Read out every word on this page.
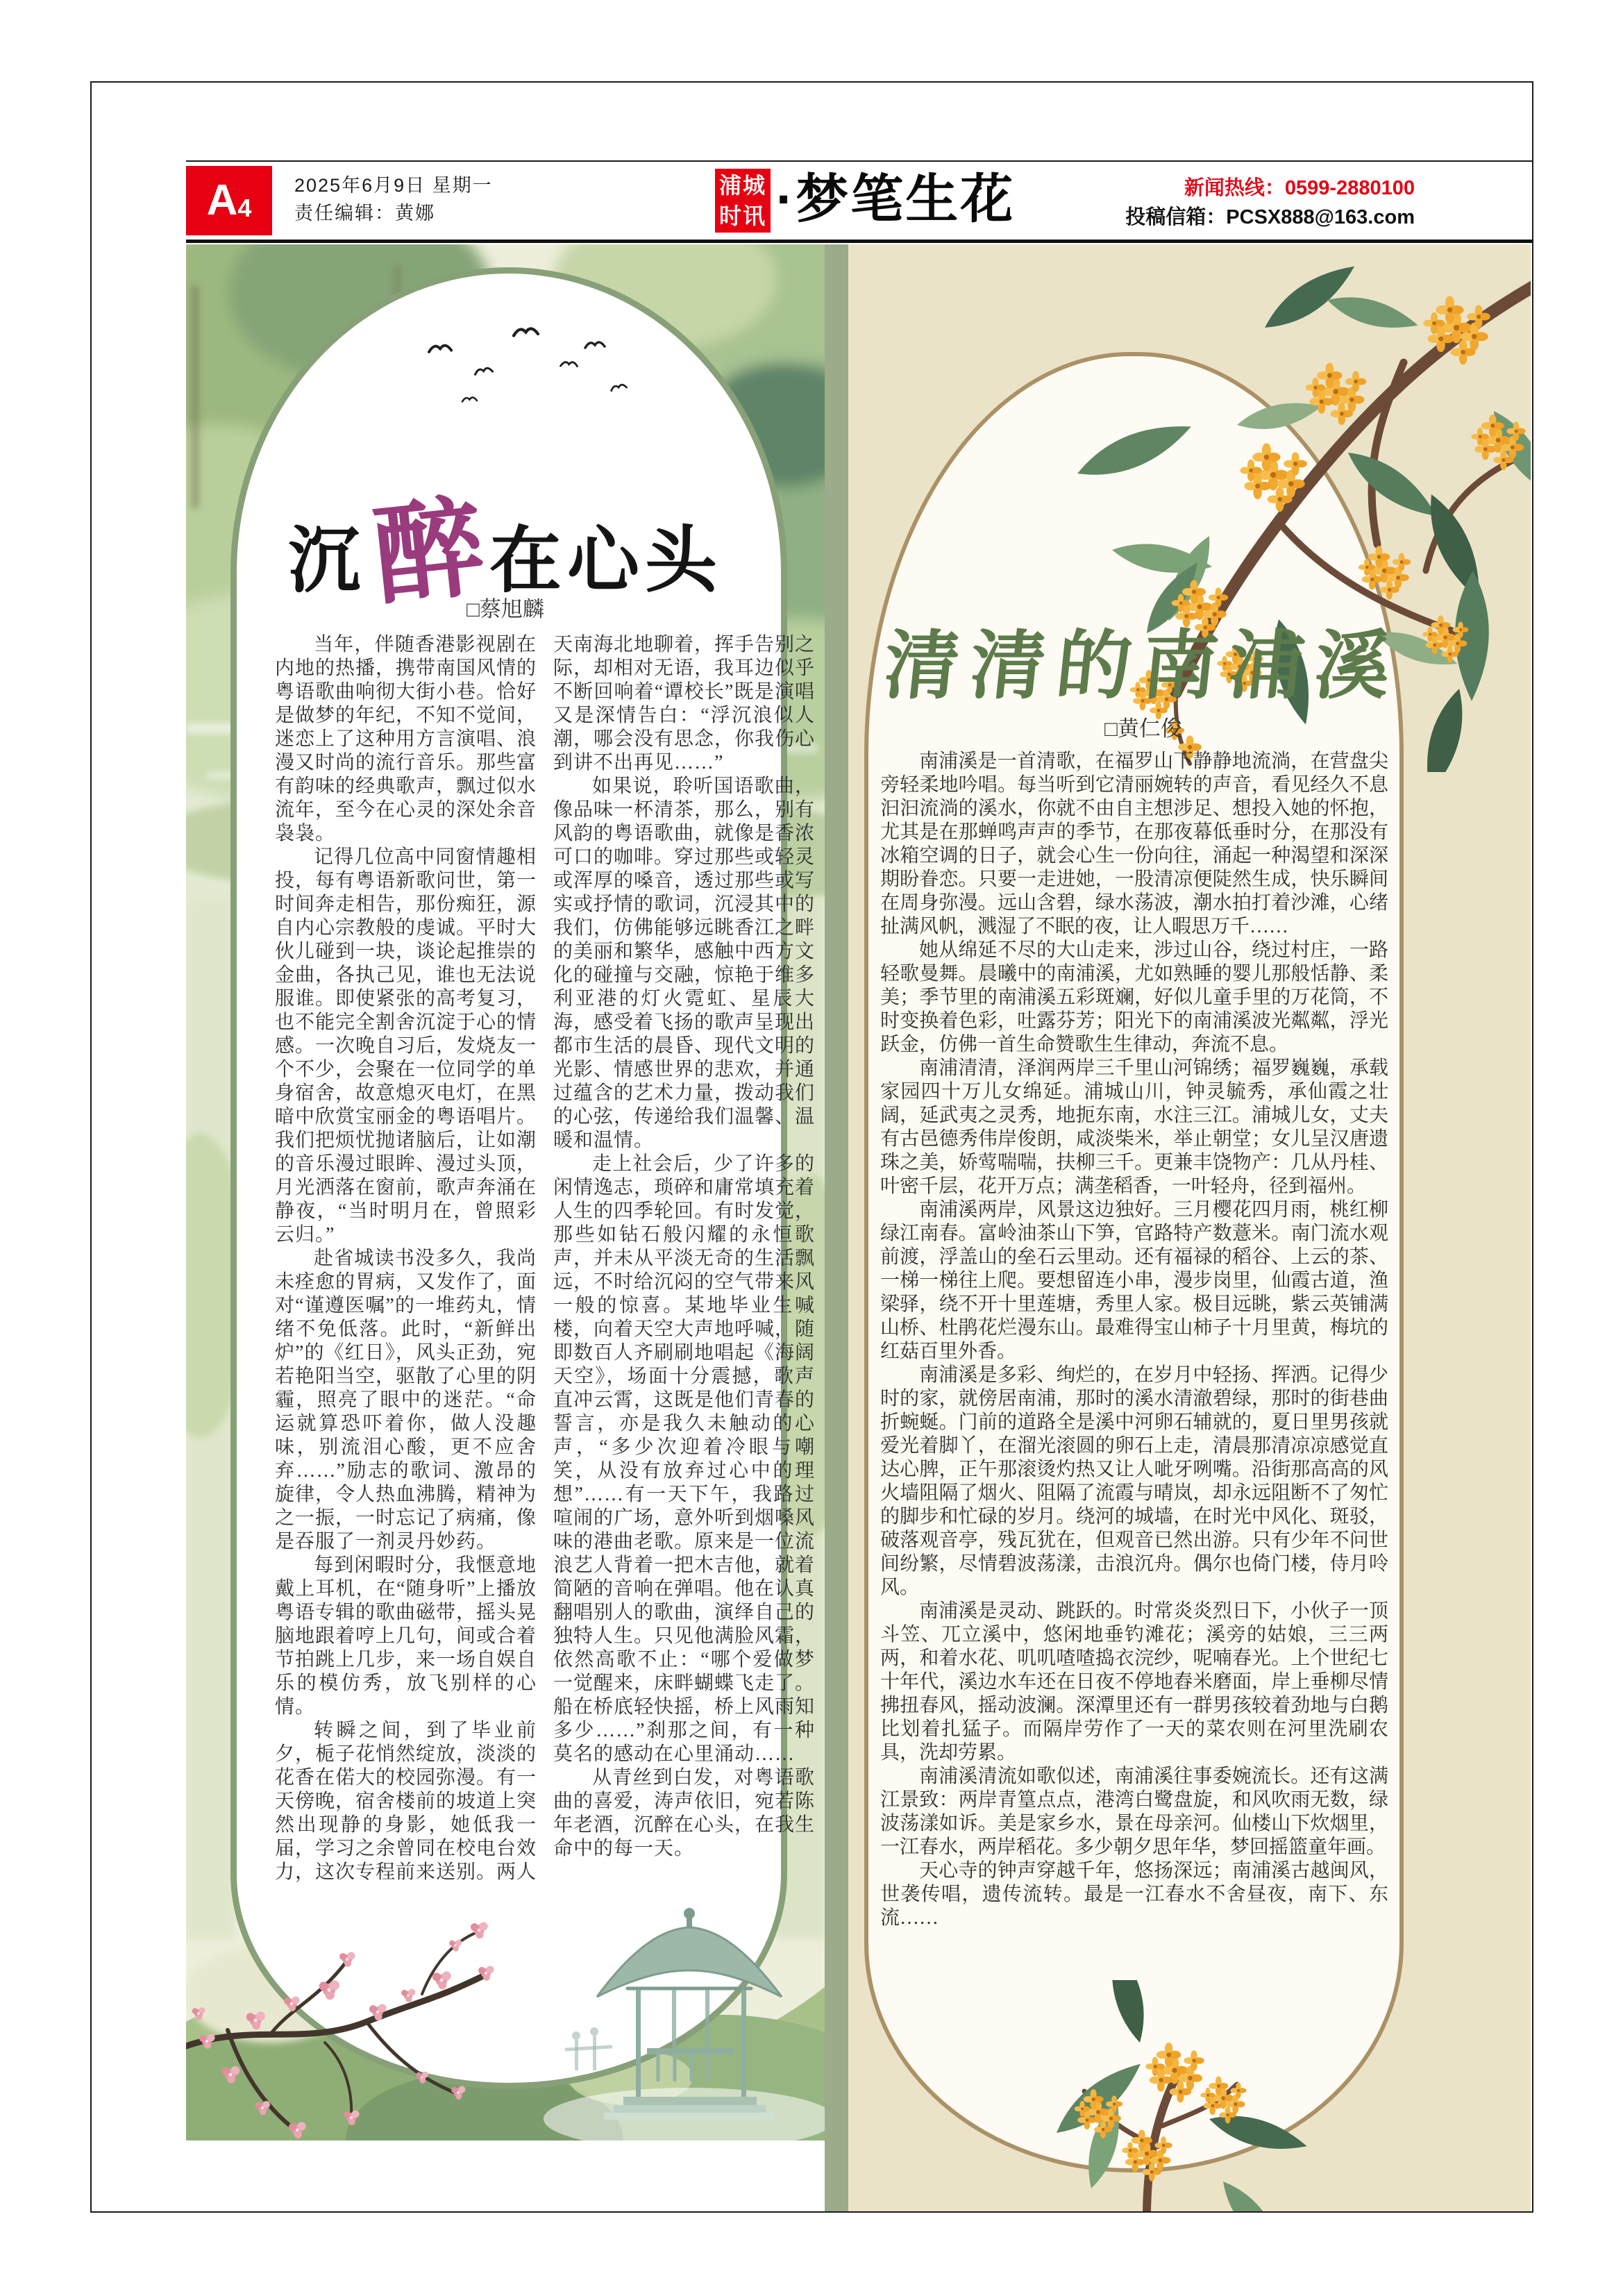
A 4
2025年6月9日 星期一
责任编辑：黄娜
浦城
时讯 ·梦笔生花	新闻热线：0599-2880100
投稿信箱：PCSX888@163.com
沉醉在心头
□蔡旭麟

当年，伴随香港影视剧在内地的热播，携带南国风情的粤语歌曲响彻大街小巷。恰好是做梦的年纪，不知不觉间，迷恋上了这种用方言演唱、浪漫又时尚的流行音乐。那些富有韵味的经典歌声，飘过似水流年，至今在心灵的深处余音袅袅。

记得几位高中同窗情趣相投，每有粤语新歌问世，第一时间奔走相告，那份痴狂，源自内心宗教般的虔诚。平时大伙儿碰到一块，谈论起推崇的金曲，各执己见，谁也无法说服谁。即使紧张的高考复习，也不能完全割舍沉淀于心的情感。一次晚自习后，发烧友一个不少，会聚在一位同学的单身宿舍，故意熄灭电灯，在黑暗中欣赏宝丽金的粤语唱片。我们把烦忧抛诸脑后，让如潮的音乐漫过眼眸、漫过头顶，月光洒落在窗前，歌声奔涌在静夜，“当时明月在，曾照彩云归。”

赴省城读书没多久，我尚未痊愈的胃病，又发作了，面对“谨遵医嘱”的一堆药丸，情绪不免低落。此时，“新鲜出炉”的《红日》，风头正劲，宛若艳阳当空，驱散了心里的阴霾，照亮了眼中的迷茫。“命运就算恐吓着你，做人没趣味，别流泪心酸，更不应舍弃……”励志的歌词、激昂的旋律，令人热血沸腾，精神为之一振，一时忘记了病痛，像是吞服了一剂灵丹妙药。

每到闲暇时分，我惬意地戴上耳机，在“随身听”上播放粤语专辑的歌曲磁带，摇头晃脑地跟着哼上几句，间或合着节拍跳上几步，来一场自娱自乐的模仿秀，放飞别样的心情。

转瞬之间，到了毕业前夕，栀子花悄然绽放，淡淡的花香在偌大的校园弥漫。有一天傍晚，宿舍楼前的坡道上突然出现静的身影，她低我一届，学习之余曾同在校电台效力，这次专程前来送别。两人天南海北地聊着，挥手告别之际，却相对无语，我耳边似乎不断回响着“谭校长”既是演唱又是深情告白：“浮沉浪似人潮，哪会没有思念，你我伤心到讲不出再见……”

如果说，聆听国语歌曲，像品味一杯清茶，那么，别有风韵的粤语歌曲，就像是香浓可口的咖啡。穿过那些或轻灵或浑厚的嗓音，透过那些或写实或抒情的歌词，沉浸其中的我们，仿佛能够远眺香江之畔的美丽和繁华，感触中西方文化的碰撞与交融，惊艳于维多利亚港的灯火霓虹、星辰大海，感受着飞扬的歌声呈现出都市生活的晨昏、现代文明的光影、情感世界的悲欢，并通过蕴含的艺术力量，拨动我们的心弦，传递给我们温馨、温暖和温情。

走上社会后，少了许多的闲情逸志，琐碎和庸常填充着人生的四季轮回。有时发觉，那些如钻石般闪耀的永恒歌声，并未从平淡无奇的生活飘远，不时给沉闷的空气带来风一般的惊喜。某地毕业生喊楼，向着天空大声地呼喊，随即数百人齐刷刷地唱起《海阔天空》，场面十分震撼，歌声直冲云霄，这既是他们青春的誓言，亦是我久未触动的心声，“多少次迎着冷眼与嘲笑，从没有放弃过心中的理想”……有一天下午，我路过喧闹的广场，意外听到烟嗓风味的港曲老歌。原来是一位流浪艺人背着一把木吉他，就着简陋的音响在弹唱。他在认真翻唱别人的歌曲，演绎自己的独特人生。只见他满脸风霜，依然高歌不止：“哪个爱做梦一觉醒来，床畔蝴蝶飞走了。船在桥底轻快摇，桥上风雨知多少……”刹那之间，有一种莫名的感动在心里涌动……

从青丝到白发，对粤语歌曲的喜爱，涛声依旧，宛若陈年老酒，沉醉在心头，在我生命中的每一天。

清清的南浦溪
□黄仁俊

南浦溪是一首清歌，在福罗山下静静地流淌，在营盘尖旁轻柔地吟唱。每当听到它清丽婉转的声音，看见经久不息汩汩流淌的溪水，你就不由自主想涉足、想投入她的怀抱，尤其是在那蝉鸣声声的季节，在那夜幕低垂时分，在那没有冰箱空调的日子，就会心生一份向往，涌起一种渴望和深深期盼眷恋。只要一走进她，一股清凉便陡然生成，快乐瞬间在周身弥漫。远山含碧，绿水荡波，潮水拍打着沙滩，心绪扯满风帆，溅湿了不眠的夜，让人暇思万千……

她从绵延不尽的大山走来，涉过山谷，绕过村庄，一路轻歌曼舞。晨曦中的南浦溪，尤如熟睡的婴儿那般恬静、柔美；季节里的南浦溪五彩斑斓，好似儿童手里的万花筒，不时变换着色彩，吐露芬芳；阳光下的南浦溪波光粼粼，浮光跃金，仿佛一首生命赞歌生生律动，奔流不息。

南浦清清，泽润两岸三千里山河锦绣；福罗巍巍，承载家园四十万儿女绵延。浦城山川，钟灵毓秀，承仙霞之壮阔，延武夷之灵秀，地扼东南，水注三江。浦城儿女，丈夫有古邑德秀伟岸俊朗，咸淡柴米，举止朝堂；女儿呈汉唐遗珠之美，娇莺喘喘，扶柳三千。更兼丰饶物产：几从丹桂、叶密千层，花开万点；满垄稻香，一叶轻舟，径到福州。

南浦溪两岸，风景这边独好。三月樱花四月雨，桃红柳绿江南春。富岭油茶山下笋，官路特产数薏米。南门流水观前渡，浮盖山的垒石云里动。还有福禄的稻谷、上云的茶、一梯一梯往上爬。要想留连小串，漫步岗里，仙霞古道，渔梁驿，绕不开十里莲塘，秀里人家。极目远眺，紫云英铺满山桥、杜鹃花烂漫东山。最难得宝山柿子十月里黄，梅坑的红菇百里外香。

南浦溪是多彩、绚烂的，在岁月中轻扬、挥洒。记得少时的家，就傍居南浦，那时的溪水清澈碧绿，那时的街巷曲折蜿蜒。门前的道路全是溪中河卵石辅就的，夏日里男孩就爱光着脚丫，在溜光滚圆的卵石上走，清晨那清凉凉感觉直达心脾，正午那滚烫灼热又让人呲牙咧嘴。沿街那高高的风火墙阻隔了烟火、阻隔了流霞与晴岚，却永远阻断不了匆忙的脚步和忙碌的岁月。绕河的城墙，在时光中风化、斑驳，破落观音亭，残瓦犹在，但观音已然出游。只有少年不问世间纷繁，尽情碧波荡漾，击浪沉舟。偶尔也倚门楼，侍月呤风。

南浦溪是灵动、跳跃的。时常炎炎烈日下，小伙子一顶斗笠、兀立溪中，悠闲地垂钓滩花；溪旁的姑娘，三三两两，和着水花、叽叽喳喳捣衣浣纱，呢喃春光。上个世纪七十年代，溪边水车还在日夜不停地舂米磨面，岸上垂柳尽情拂扭春风，摇动波澜。深潭里还有一群男孩较着劲地与白鹅比划着扎猛子。而隔岸劳作了一天的菜农则在河里洗刷农具，洗却劳累。

南浦溪清流如歌似述，南浦溪往事委婉流长。还有这满江景致：两岸青篁点点，港湾白鹭盘旋，和风吹雨无数，绿波荡漾如诉。美是家乡水，景在母亲河。仙楼山下炊烟里，一江春水，两岸稻花。多少朝夕思年华，梦回摇篮童年画。

天心寺的钟声穿越千年，悠扬深远；南浦溪古越闽风，世袭传唱，遗传流转。最是一江春水不舍昼夜，南下、东流……
